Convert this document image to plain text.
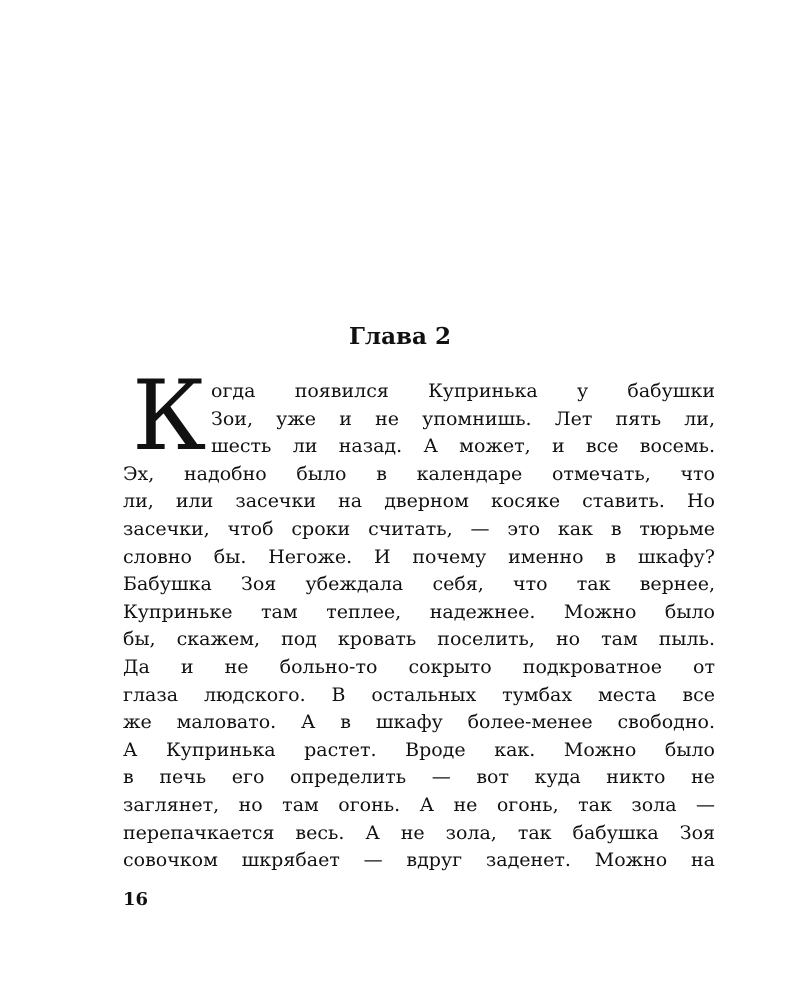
Глава 2
К огда появился Купринька у бабушки
Зои, уже и не упомнишь. Лет пять ли,
шесть ли назад. А может, и все восемь.
Эх, надобно было в календаре отмечать, что
ли, или засечки на дверном косяке ставить. Но
засечки, чтоб сроки считать, — это как в тюрьме
словно бы. Негоже. И почему именно в шкафу?
Бабушка Зоя убеждала себя, что так вернее,
Куприньке там теплее, надежнее. Можно было
бы, скажем, под кровать поселить, но там пыль.
Да и не больно-то сокрыто подкроватное от
глаза людского. В остальных тумбах места все
же маловато. А в шкафу более-менее свободно.
А Купринька растет. Вроде как. Можно было
в печь его определить — вот куда никто не
заглянет, но там огонь. А не огонь, так зола —
перепачкается весь. А не зола, так бабушка Зоя
совочком шкрябает — вдруг заденет. Можно на
16
